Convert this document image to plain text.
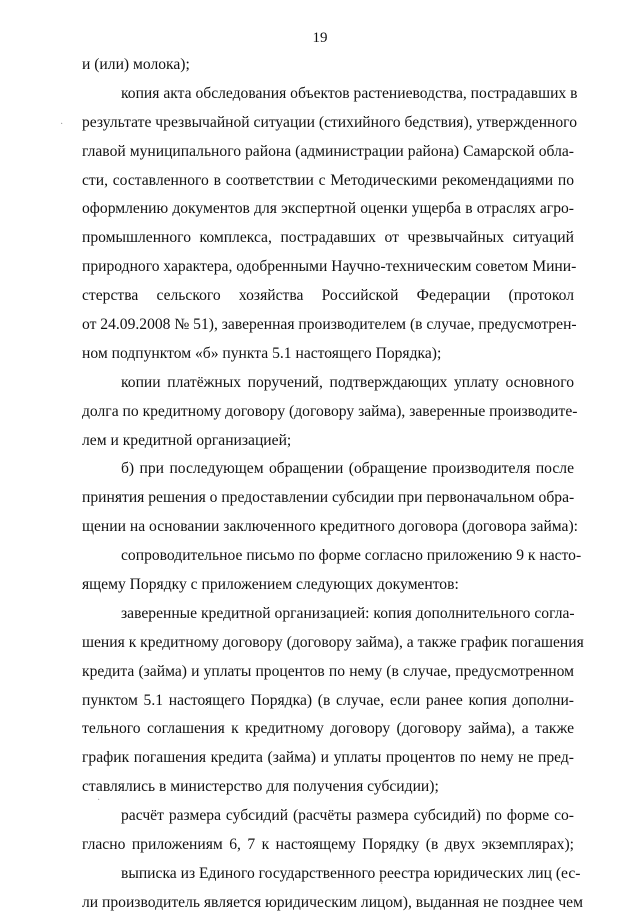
19
и (или) молока);
копия акта обследования объектов растениеводства, пострадавших в
результате чрезвычайной ситуации (стихийного бедствия), утвержденного
главой муниципального района (администрации района) Самарской обла-
сти, составленного в соответствии с Методическими рекомендациями по
оформлению документов для экспертной оценки ущерба в отраслях агро-
промышленного комплекса, пострадавших от чрезвычайных ситуаций
природного характера, одобренными Научно-техническим советом Мини-
стерства сельского хозяйства Российской Федерации (протокол
от 24.09.2008 № 51), заверенная производителем (в случае, предусмотрен-
ном подпунктом «б» пункта 5.1 настоящего Порядка);
копии платёжных поручений, подтверждающих уплату основного
долга по кредитному договору (договору займа), заверенные производите-
лем и кредитной организацией;
б) при последующем обращении (обращение производителя после
принятия решения о предоставлении субсидии при первоначальном обра-
щении на основании заключенного кредитного договора (договора займа):
сопроводительное письмо по форме согласно приложению 9 к насто-
ящему Порядку с приложением следующих документов:
заверенные кредитной организацией: копия дополнительного согла-
шения к кредитному договору (договору займа), а также график погашения
кредита (займа) и уплаты процентов по нему (в случае, предусмотренном
пунктом 5.1 настоящего Порядка) (в случае, если ранее копия дополни-
тельного соглашения к кредитному договору (договору займа), а также
график погашения кредита (займа) и уплаты процентов по нему не пред-
ставлялись в министерство для получения субсидии);
расчёт размера субсидий (расчёты размера субсидий) по форме со-
гласно приложениям 6, 7 к настоящему Порядку (в двух экземплярах);
выписка из Единого государственного реестра юридических лиц (ес-
ли производитель является юридическим лицом), выданная не позднее чем
·
·
·
